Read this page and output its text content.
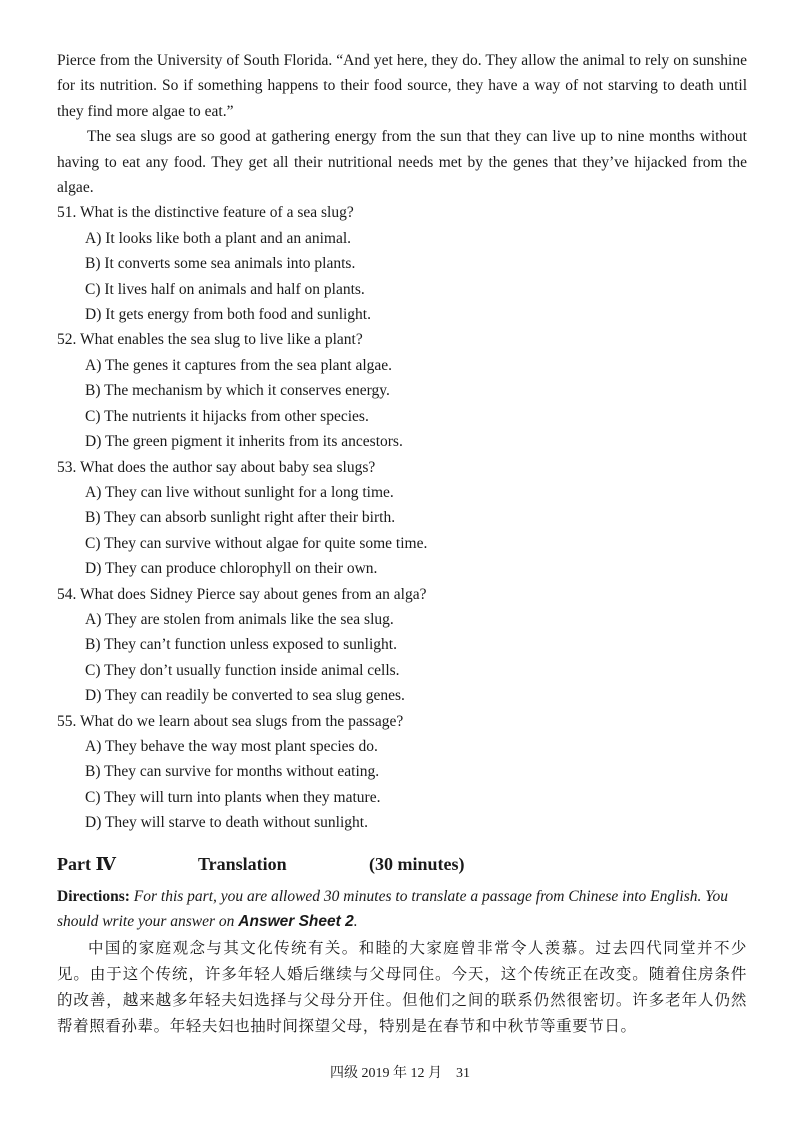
Pierce from the University of South Florida. “And yet here, they do. They allow the animal to rely on sunshine for its nutrition. So if something happens to their food source, they have a way of not starving to death until they find more algae to eat.”

The sea slugs are so good at gathering energy from the sun that they can live up to nine months without having to eat any food. They get all their nutritional needs met by the genes that they’ve hijacked from the algae.

51. What is the distinctive feature of a sea slug?

A) It looks like both a plant and an animal.

B) It converts some sea animals into plants.

C) It lives half on animals and half on plants.

D) It gets energy from both food and sunlight.

52. What enables the sea slug to live like a plant?

A) The genes it captures from the sea plant algae.

B) The mechanism by which it conserves energy.

C) The nutrients it hijacks from other species.

D) The green pigment it inherits from its ancestors.

53. What does the author say about baby sea slugs?

A) They can live without sunlight for a long time.

B) They can absorb sunlight right after their birth.

C) They can survive without algae for quite some time.

D) They can produce chlorophyll on their own.

54. What does Sidney Pierce say about genes from an alga?

A) They are stolen from animals like the sea slug.

B) They can’t function unless exposed to sunlight.

C) They don’t usually function inside animal cells.

D) They can readily be converted to sea slug genes.

55. What do we learn about sea slugs from the passage?

A) They behave the way most plant species do.

B) They can survive for months without eating.

C) They will turn into plants when they mature.

D) They will starve to death without sunlight.

Part Ⅳ	Translation	(30 minutes)

Directions: For this part, you are allowed 30 minutes to translate a passage from Chinese into English. You should write your answer on Answer Sheet 2.

中国的家庭观念与其文化传统有关。和睦的大家庭曾非常令人羡慕。过去四代同堂并不少见。由于这个传统，许多年轻人婚后继续与父母同住。今天，这个传统正在改变。随着住房条件的改善，越来越多年轻夫妇选择与父母分开住。但他们之间的联系仍然很密切。许多老年人仍然帮着照看孙辈。年轻夫妇也抽时间探望父母，特别是在春节和中秋节等重要节日。

四级 2019 年 12 月 31
